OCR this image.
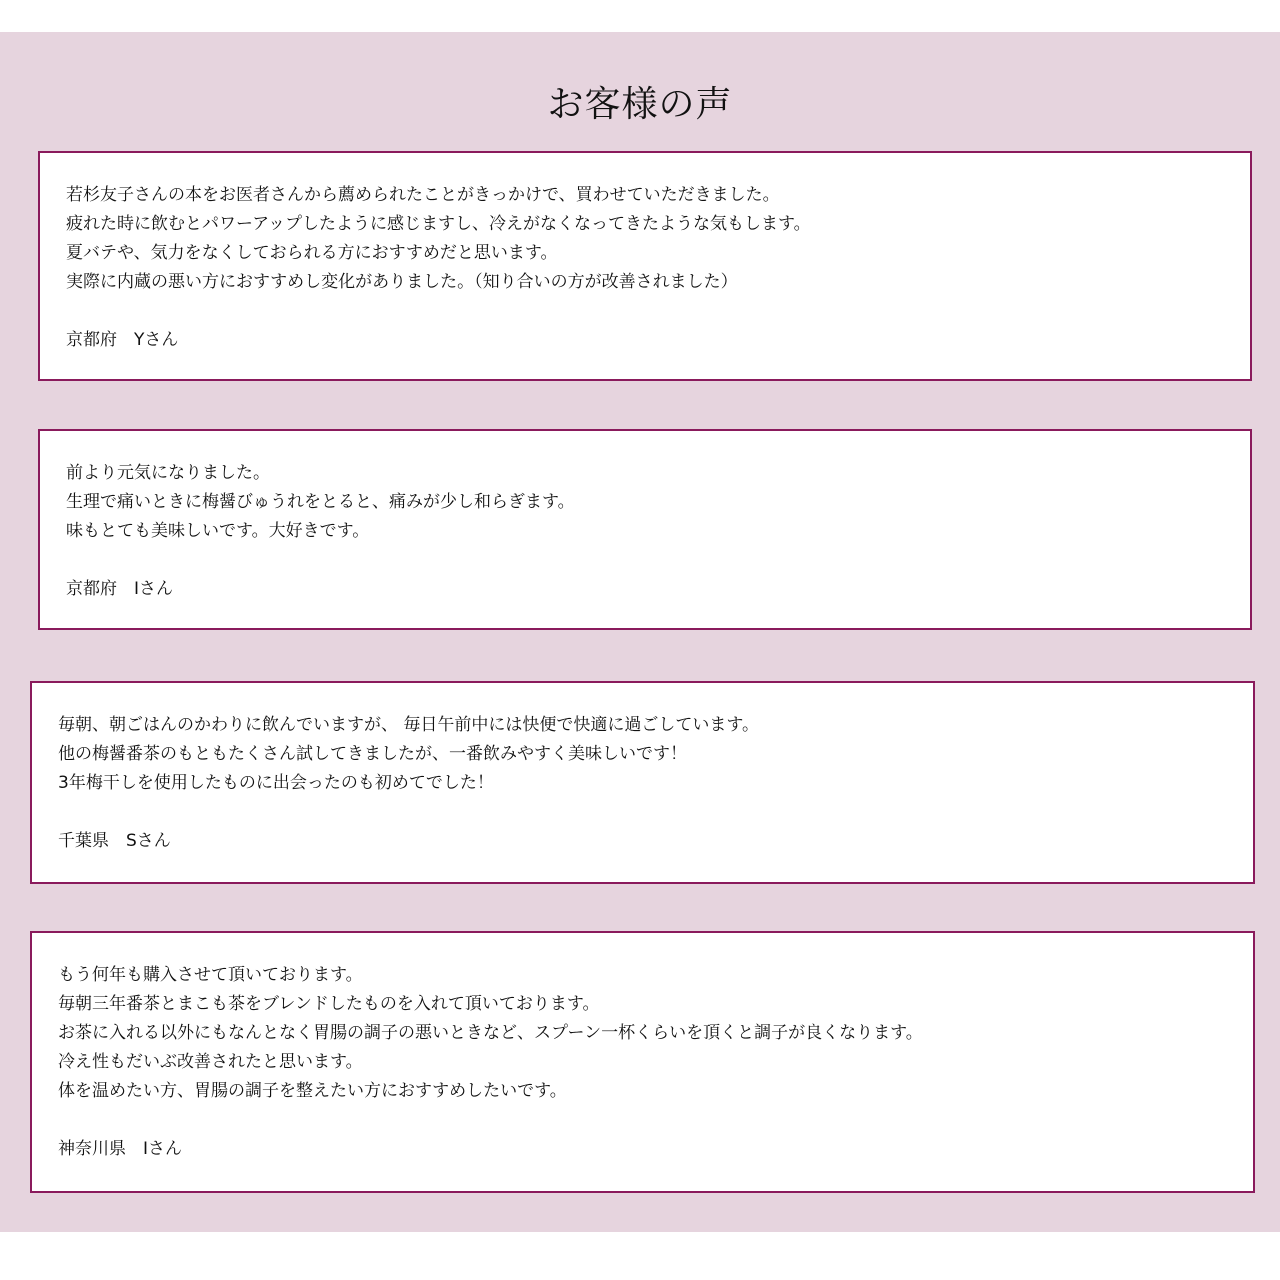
お客様の声
若杉友子さんの本をお医者さんから薦められたことがきっかけで、買わせていただきました。
疲れた時に飲むとパワーアップしたように感じますし、冷えがなくなってきたような気もします。
夏バテや、気力をなくしておられる方におすすめだと思います。
実際に内蔵の悪い方におすすめし変化がありました。（知り合いの方が改善されました）
京都府　Yさん
前より元気になりました。
生理で痛いときに梅醤びゅうれをとると、痛みが少し和らぎます。
味もとても美味しいです。大好きです。
京都府　Iさん
毎朝、朝ごはんのかわりに飲んでいますが、 毎日午前中には快便で快適に過ごしています。
他の梅醤番茶のもともたくさん試してきましたが、一番飲みやすく美味しいです！
3年梅干しを使用したものに出会ったのも初めてでした！
千葉県　Sさん
もう何年も購入させて頂いております。
毎朝三年番茶とまこも茶をブレンドしたものを入れて頂いております。
お茶に入れる以外にもなんとなく胃腸の調子の悪いときなど、スプーン一杯くらいを頂くと調子が良くなります。
冷え性もだいぶ改善されたと思います。
体を温めたい方、胃腸の調子を整えたい方におすすめしたいです。
神奈川県　Iさん
